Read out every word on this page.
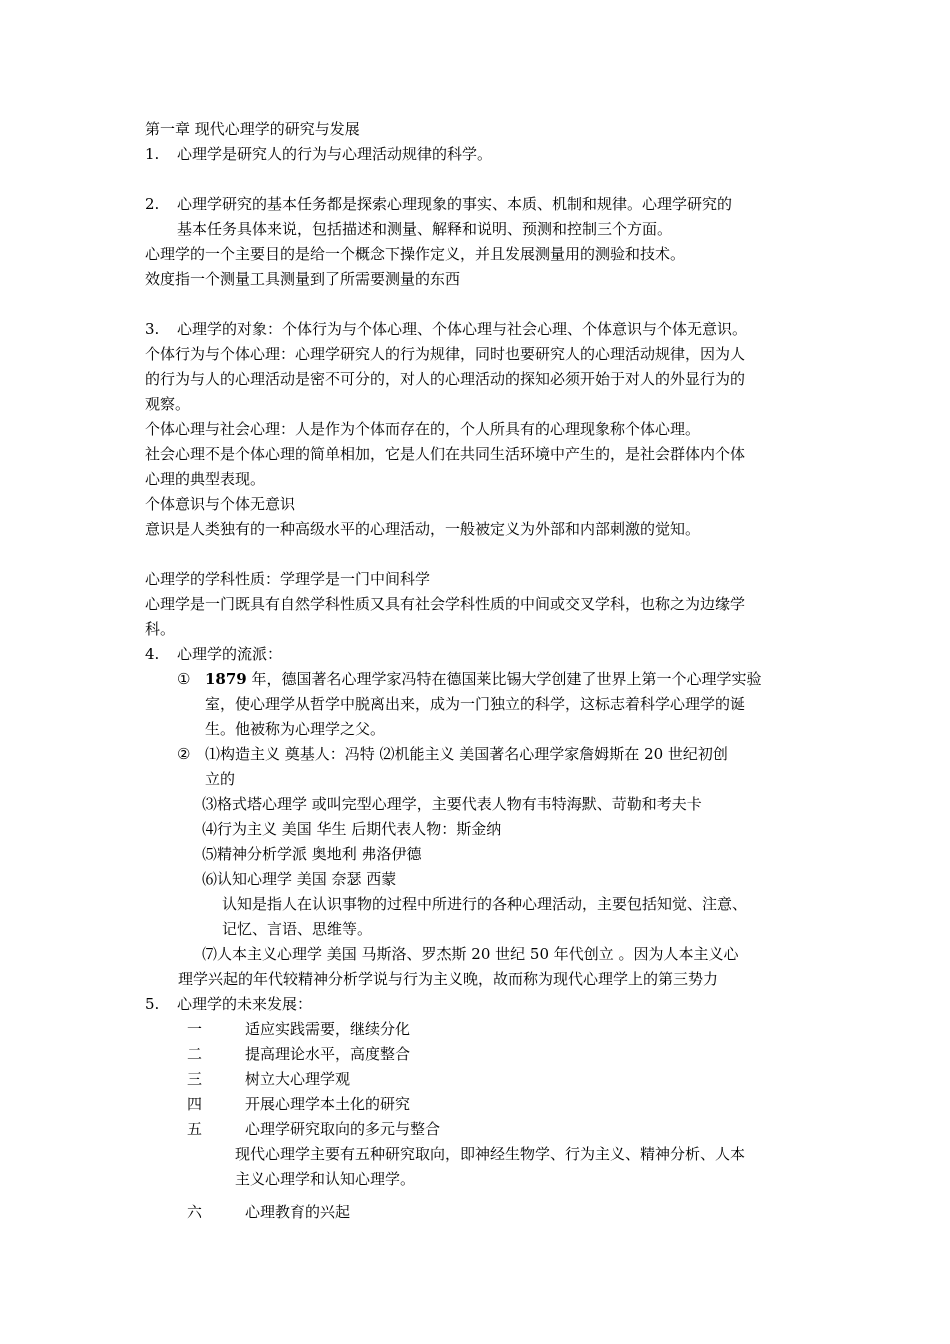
第一章 现代心理学的研究与发展
1. 心理学是研究人的行为与心理活动规律的科学。
2. 心理学研究的基本任务都是探索心理现象的事实、本质、机制和规律。心理学研究的
基本任务具体来说，包括描述和测量、解释和说明、预测和控制三个方面。
心理学的一个主要目的是给一个概念下操作定义，并且发展测量用的测验和技术。
效度指一个测量工具测量到了所需要测量的东西
3. 心理学的对象：个体行为与个体心理、个体心理与社会心理、个体意识与个体无意识。
个体行为与个体心理：心理学研究人的行为规律，同时也要研究人的心理活动规律，因为人
的行为与人的心理活动是密不可分的，对人的心理活动的探知必须开始于对人的外显行为的
观察。
个体心理与社会心理：人是作为个体而存在的，个人所具有的心理现象称个体心理。
社会心理不是个体心理的简单相加，它是人们在共同生活环境中产生的，是社会群体内个体
心理的典型表现。
个体意识与个体无意识
意识是人类独有的一种高级水平的心理活动，一般被定义为外部和内部刺激的觉知。
心理学的学科性质：学理学是一门中间科学
心理学是一门既具有自然学科性质又具有社会学科性质的中间或交叉学科，也称之为边缘学
科。
4. 心理学的流派：
① 1879 年，德国著名心理学家冯特在德国莱比锡大学创建了世界上第一个心理学实验
室，使心理学从哲学中脱离出来，成为一门独立的科学，这标志着科学心理学的诞
生。他被称为心理学之父。
② ⑴构造主义 奠基人：冯特 ⑵机能主义 美国著名心理学家詹姆斯在 20 世纪初创
立的
⑶格式塔心理学 或叫完型心理学，主要代表人物有韦特海默、苛勒和考夫卡
⑷行为主义 美国 华生 后期代表人物：斯金纳
⑸精神分析学派 奥地利 弗洛伊德
⑹认知心理学 美国 奈瑟 西蒙
认知是指人在认识事物的过程中所进行的各种心理活动，主要包括知觉、注意、
记忆、言语、思维等。
⑺人本主义心理学 美国 马斯洛、罗杰斯 20 世纪 50 年代创立 。因为人本主义心
理学兴起的年代较精神分析学说与行为主义晚，故而称为现代心理学上的第三势力
5. 心理学的未来发展：
一	适应实践需要，继续分化
二	提高理论水平，高度整合
三	树立大心理学观
四	开展心理学本土化的研究
五	心理学研究取向的多元与整合
现代心理学主要有五种研究取向，即神经生物学、行为主义、精神分析、人本
主义心理学和认知心理学。
六	心理教育的兴起
